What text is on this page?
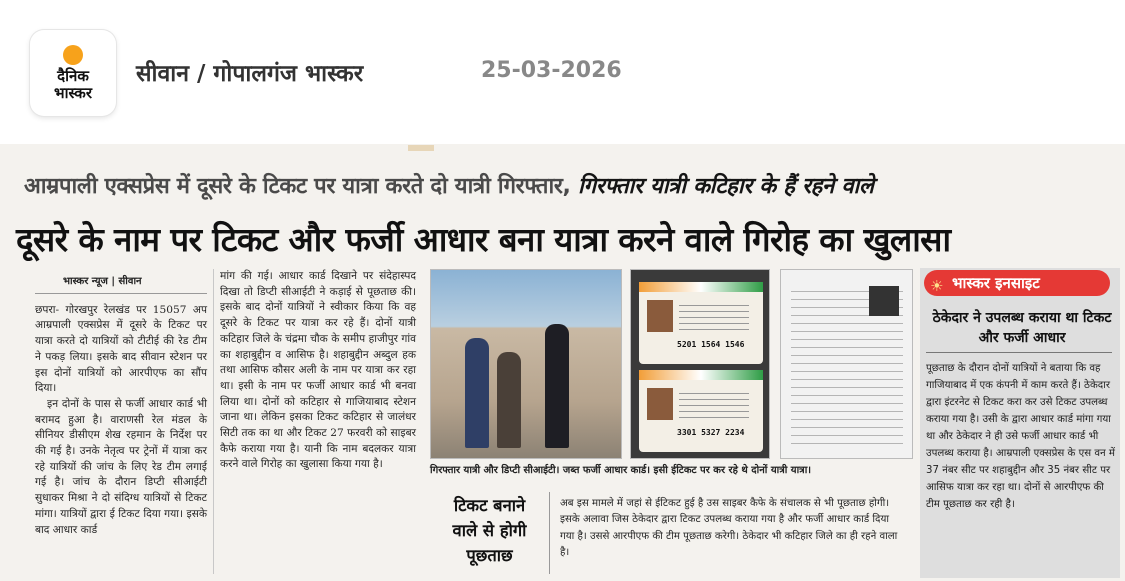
दैनिक
भास्कर
सीवान / गोपालगंज भास्कर	25-03-2026
आम्रपाली एक्सप्रेस में दूसरे के टिकट पर यात्रा करते दो यात्री गिरफ्तार, गिरफ्तार यात्री कटिहार के हैं रहने वाले
दूसरे के नाम पर टिकट और फर्जी आधार बना यात्रा करने वाले गिरोह का खुलासा
भास्कर न्यूज | सीवान

छपरा- गोरखपुर रेलखंड पर 15057 अप आम्रपाली एक्सप्रेस में दूसरे के टिकट पर यात्रा करते दो यात्रियों को टीटीई की रेड टीम ने पकड़ लिया। इसके बाद सीवान स्टेशन पर इस दोनों यात्रियों को आरपीएफ का सौंप दिया।

इन दोनों के पास से फर्जी आधार कार्ड भी बरामद हुआ है। वाराणसी रेल मंडल के सीनियर डीसीएम शेख रहमान के निर्देश पर की गई है। उनके नेतृत्व पर ट्रेनों में यात्रा कर रहे यात्रियों की जांच के लिए रेड टीम लगाई गई है। जांच के दौरान डिप्टी सीआईटी सुधाकर मिश्रा ने दो संदिग्ध यात्रियों से टिकट मांगा। यात्रियों द्वारा ई टिकट दिया गया। इसके बाद आधार कार्ड

मांग की गई। आधार कार्ड दिखाने पर संदेहास्पद दिखा तो डिप्टी सीआईटी ने कड़ाई से पूछताछ की। इसके बाद दोनों यात्रियों ने स्वीकार किया कि वह दूसरे के टिकट पर यात्रा कर रहे हैं। दोनों यात्री कटिहार जिले के चंद्रमा चौक के समीप हाजीपुर गांव का शहाबुद्दीन व आसिफ है। शहाबुद्दीन अब्दुल हक तथा आसिफ कौसर अली के नाम पर यात्रा कर रहा था। इसी के नाम पर फर्जी आधार कार्ड भी बनवा लिया था। दोनों को कटिहार से गाजियाबाद स्टेशन जाना था। लेकिन इसका टिकट कटिहार से जालंधर सिटी तक का था और टिकट 27 फरवरी को साइबर कैफे कराया गया है। यानी कि नाम बदलकर यात्रा करने वाले गिरोह का खुलासा किया गया है।

5201 1564 1546
3301 5327 2234
गिरफ्तार यात्री और डिप्टी सीआईटी। जब्त फर्जी आधार कार्ड। इसी ईटिकट पर कर रहे थे दोनों यात्री यात्रा।
टिकट बनाने
वाले से होगी
पूछताछ
अब इस मामले में जहां से ईटिकट हुई है उस साइबर कैफे के संचालक से भी पूछताछ होगी। इसके अलावा जिस ठेकेदार द्वारा टिकट उपलब्ध कराया गया है और फर्जी आधार कार्ड दिया गया है। उससे आरपीएफ की टीम पूछताछ करेगी। ठेकेदार भी कटिहार जिले का ही रहने वाला है।
☀ भास्कर इनसाइट
ठेकेदार ने उपलब्ध कराया था टिकट और फर्जी आधार
पूछताछ के दौरान दोनों यात्रियों ने बताया कि वह गाजियाबाद में एक कंपनी में काम करते हैं। ठेकेदार द्वारा इंटरनेट से टिकट करा कर उसे टिकट उपलब्ध कराया गया है। उसी के द्वारा आधार कार्ड मांगा गया था और ठेकेदार ने ही उसे फर्जी आधार कार्ड भी उपलब्ध कराया है। आम्रपाली एक्सप्रेस के एस वन में 37 नंबर सीट पर शहाबुद्दीन और 35 नंबर सीट पर आसिफ यात्रा कर रहा था। दोनों से आरपीएफ की टीम पूछताछ कर रही है।
